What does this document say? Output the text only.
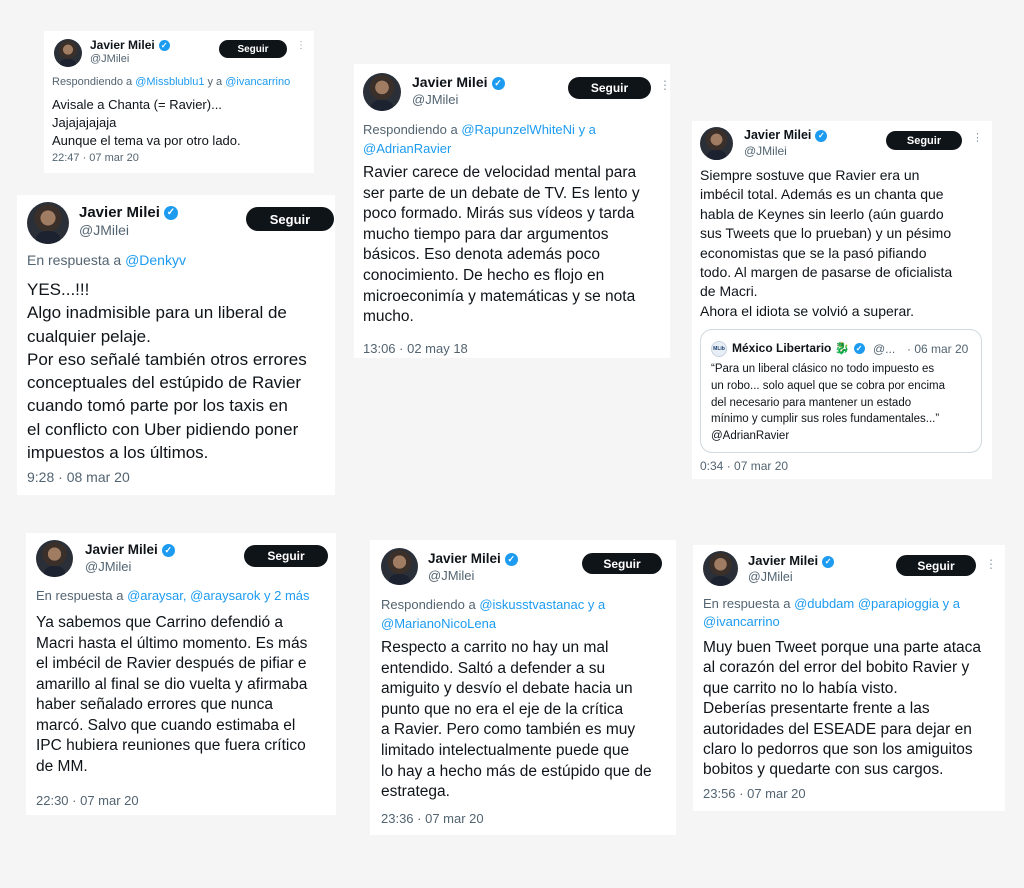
Javier Milei ✓
@JMilei
Seguir	⋮
Respondiendo a @Missblublu1 y a @ivancarrino
Avisale a Chanta (= Ravier)...
Jajajajajaja
Aunque el tema va por otro lado.
22:47 · 07 mar 20
Javier Milei ✓
@JMilei
Seguir	⋮
Respondiendo a @RapunzelWhiteNi y a
@AdrianRavier
Ravier carece de velocidad mental para
ser parte de un debate de TV. Es lento y
poco formado. Mirás sus vídeos y tarda
mucho tiempo para dar argumentos
básicos. Eso denota además poco
conocimiento. De hecho es flojo en
microeconimía y matemáticas y se nota
mucho.
13:06 · 02 may 18
Javier Milei ✓
@JMilei
Seguir	⋮
Siempre sostuve que Ravier era un
imbécil total. Además es un chanta que
habla de Keynes sin leerlo (aún guardo
sus Tweets que lo prueban) y un pésimo
economistas que se la pasó pifiando
todo. Al margen de pasarse de oficialista
de Macri.
Ahora el idiota se volvió a superar.
MLib México Libertario 🐉 ✓ @... · 06 mar 20
“Para un liberal clásico no todo impuesto es
un robo... solo aquel que se cobra por encima
del necesario para mantener un estado
mínimo y cumplir sus roles fundamentales...”
@AdrianRavier
0:34 · 07 mar 20
Javier Milei ✓
@JMilei
Seguir
En respuesta a @Denkyv
YES...!!!
Algo inadmisible para un liberal de
cualquier pelaje.
Por eso señalé también otros errores
conceptuales del estúpido de Ravier
cuando tomó parte por los taxis en
el conflicto con Uber pidiendo poner
impuestos a los últimos.
9:28 · 08 mar 20
Javier Milei ✓
@JMilei
Seguir
En respuesta a @araysar, @araysarok y 2 más
Ya sabemos que Carrino defendió a
Macri hasta el último momento. Es más
el imbécil de Ravier después de pifiar e
amarillo al final se dio vuelta y afirmaba
haber señalado errores que nunca
marcó. Salvo que cuando estimaba el
IPC hubiera reuniones que fuera crítico
de MM.
22:30 · 07 mar 20
Javier Milei ✓
@JMilei
Seguir
Respondiendo a @iskusstvastanac y a
@MarianoNicoLena
Respecto a carrito no hay un mal
entendido. Saltó a defender a su
amiguito y desvío el debate hacia un
punto que no era el eje de la crítica
a Ravier. Pero como también es muy
limitado intelectualmente puede que
lo hay a hecho más de estúpido que de
estratega.
23:36 · 07 mar 20
Javier Milei ✓
@JMilei
Seguir	⋮
En respuesta a @dubdam @parapioggia y a
@ivancarrino
Muy buen Tweet porque una parte ataca
al corazón del error del bobito Ravier y
que carrito no lo había visto.
Deberías presentarte frente a las
autoridades del ESEADE para dejar en
claro lo pedorros que son los amiguitos
bobitos y quedarte con sus cargos.
23:56 · 07 mar 20
